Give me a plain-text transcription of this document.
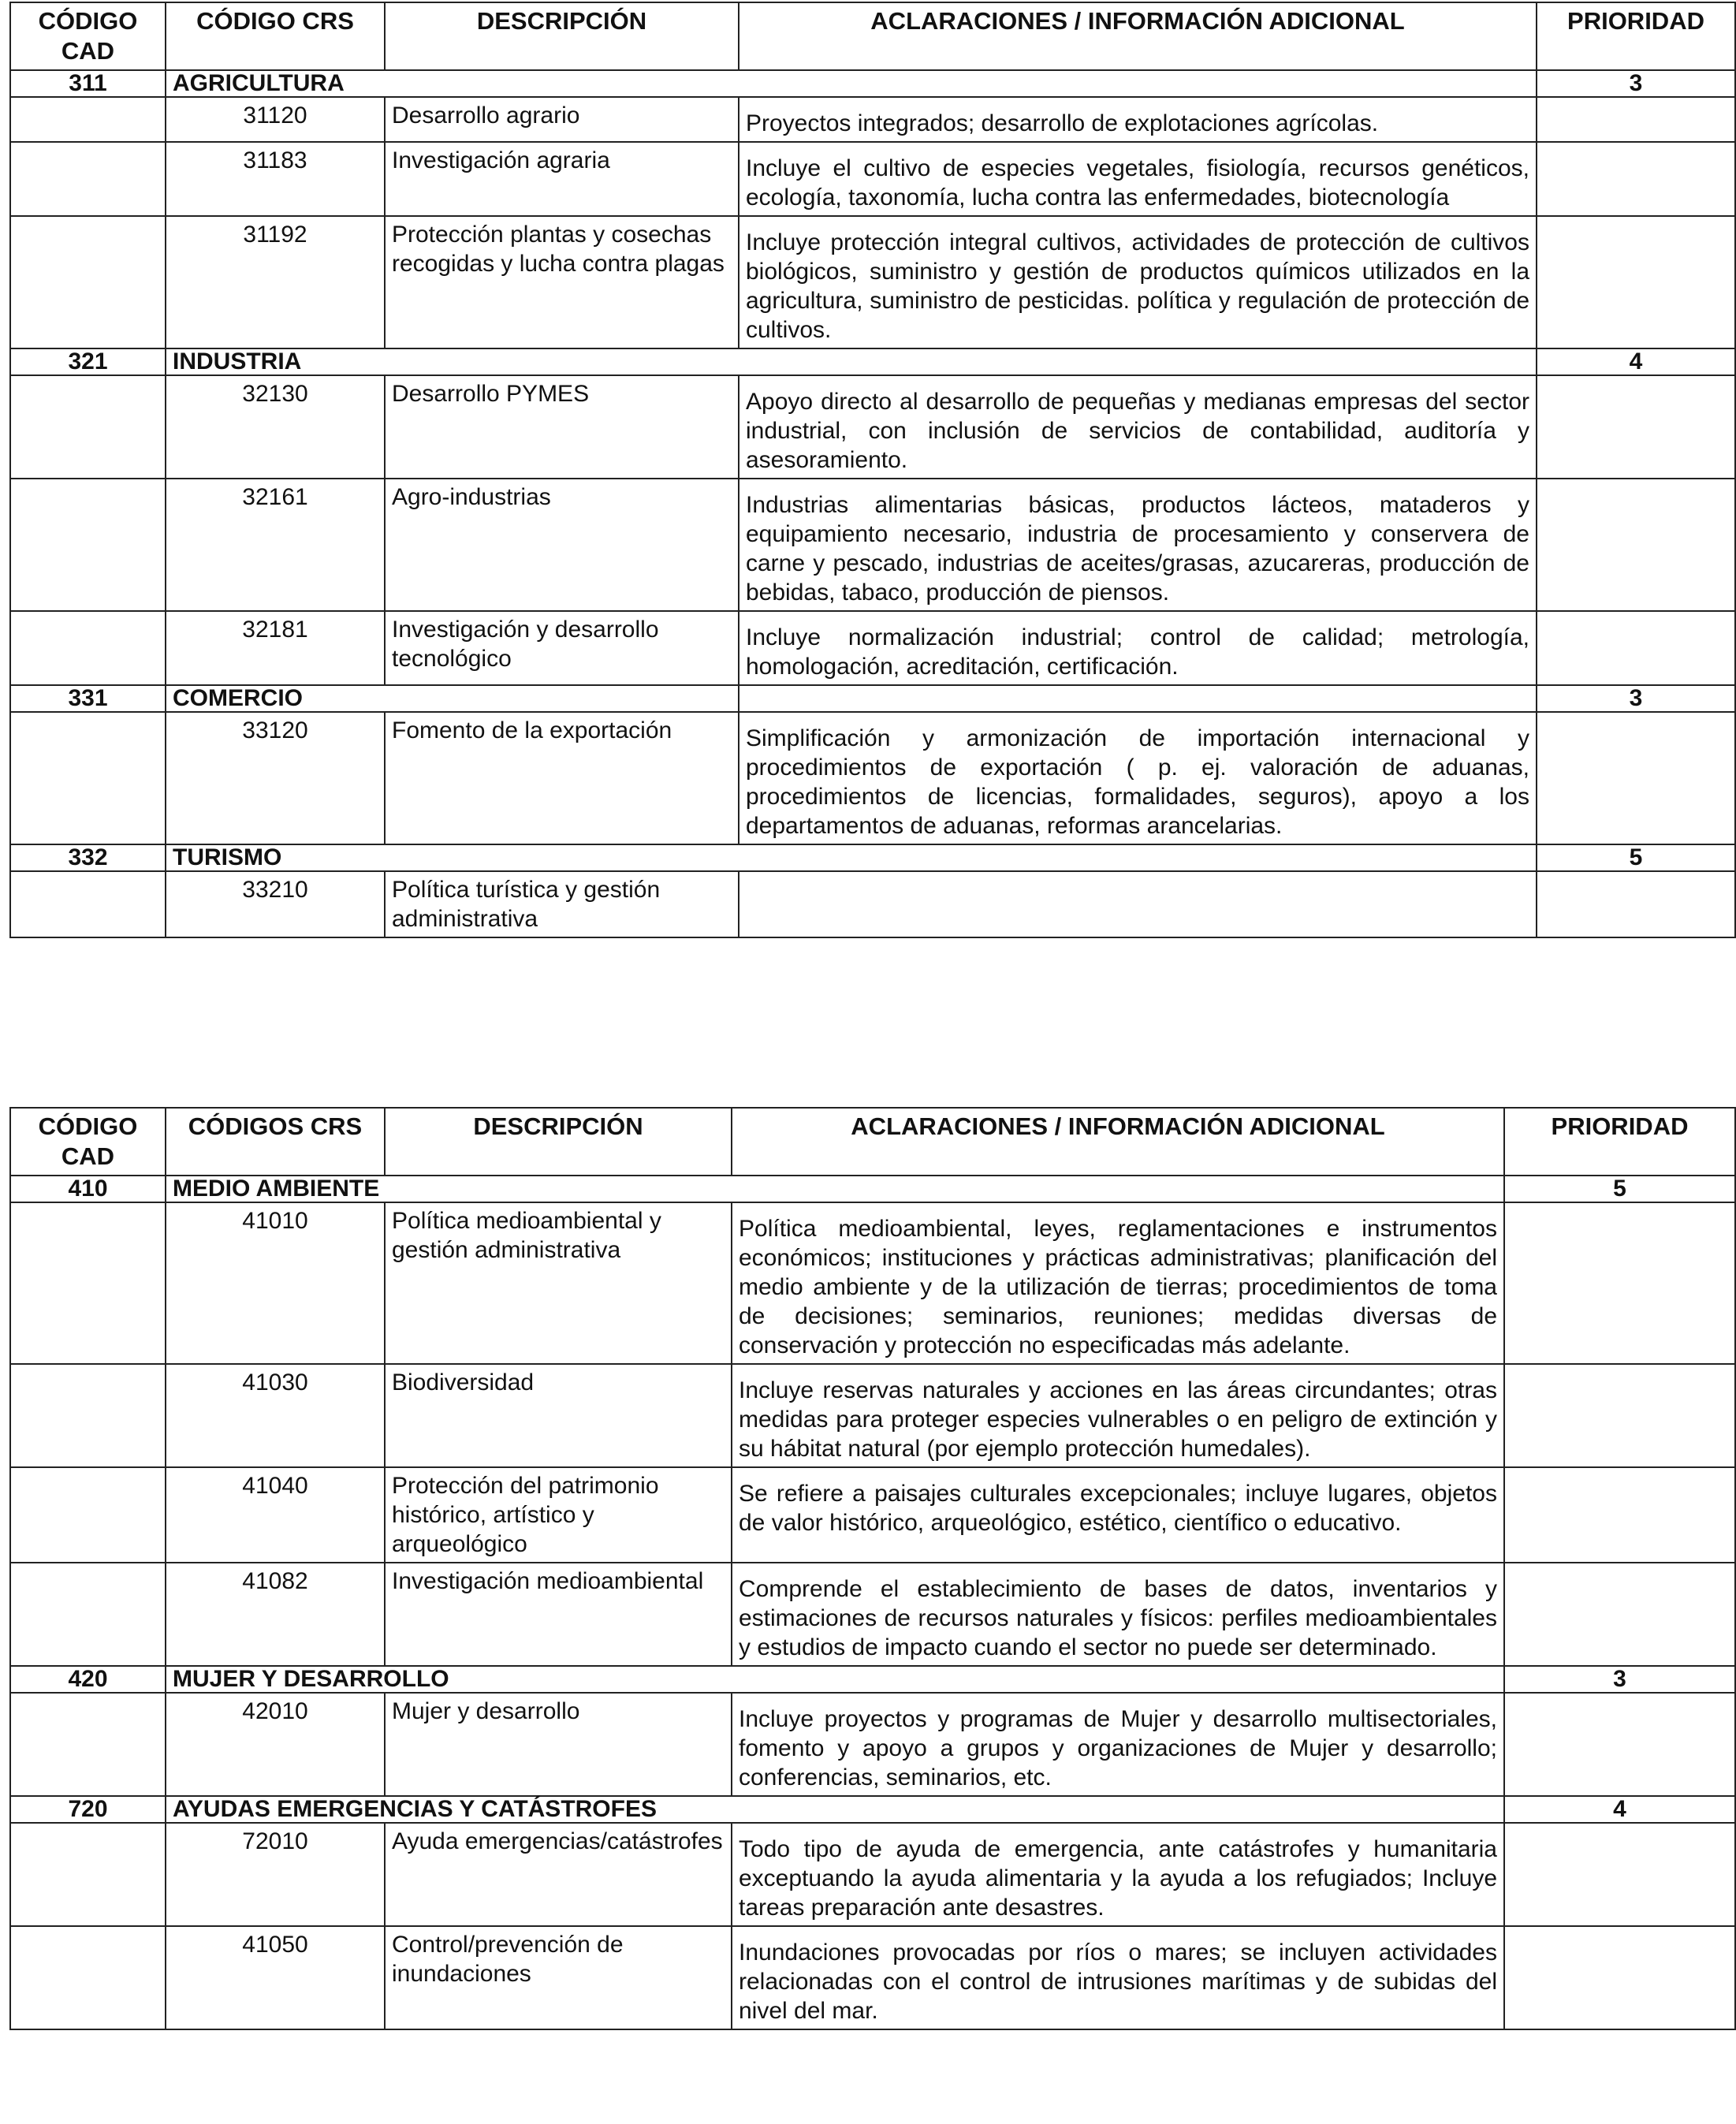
CÓDIGO CAD	CÓDIGO CRS	DESCRIPCIÓN	ACLARACIONES / INFORMACIÓN ADICIONAL	PRIORIDAD
311	AGRICULTURA			3
	31120	Desarrollo agrario	Proyectos integrados; desarrollo de explotaciones agrícolas.	
	31183	Investigación agraria	Incluye el cultivo de especies vegetales, fisiología, recursos genéticos, ecología, taxonomía, lucha contra las enfermedades, biotecnología	
	31192	Protección plantas y cosechas recogidas y lucha contra plagas	Incluye protección integral cultivos, actividades de protección de cultivos biológicos, suministro y gestión de productos químicos utilizados en la agricultura, suministro de pesticidas. política y regulación de protección de cultivos.	
321	INDUSTRIA			4
	32130	Desarrollo PYMES	Apoyo directo al desarrollo de pequeñas y medianas empresas del sector industrial, con inclusión de servicios de contabilidad, auditoría y asesoramiento.	
	32161	Agro-industrias	Industrias alimentarias básicas, productos lácteos, mataderos y equipamiento necesario, industria de procesamiento y conservera de carne y pescado, industrias de aceites/grasas, azucareras, producción de bebidas, tabaco, producción de piensos.	
	32181	Investigación y desarrollo tecnológico	Incluye normalización industrial; control de calidad; metrología, homologación, acreditación, certificación.	
331	COMERCIO			3
	33120	Fomento de la exportación	Simplificación y armonización de importación internacional y procedimientos de exportación ( p. ej. valoración de aduanas, procedimientos de licencias, formalidades, seguros), apoyo a los departamentos de aduanas, reformas arancelarias.	
332	TURISMO			5
	33210	Política turística y gestión administrativa		
CÓDIGO CAD	CÓDIGOS CRS	DESCRIPCIÓN	ACLARACIONES / INFORMACIÓN ADICIONAL	PRIORIDAD
410	MEDIO AMBIENTE			5
	41010	Política medioambiental y gestión administrativa	Política medioambiental, leyes, reglamentaciones e instrumentos económicos; instituciones y prácticas administrativas; planificación del medio ambiente y de la utilización de tierras; procedimientos de toma de decisiones; seminarios, reuniones; medidas diversas de conservación y protección no especificadas más adelante.	
	41030	Biodiversidad	Incluye reservas naturales y acciones en las áreas circundantes; otras medidas para proteger especies vulnerables o en peligro de extinción y su hábitat natural (por ejemplo protección humedales).	
	41040	Protección del patrimonio histórico, artístico y arqueológico	Se refiere a paisajes culturales excepcionales; incluye lugares, objetos de valor histórico, arqueológico, estético, científico o educativo.	
	41082	Investigación medioambiental	Comprende el establecimiento de bases de datos, inventarios y estimaciones de recursos naturales y físicos: perfiles medioambientales y estudios de impacto cuando el sector no puede ser determinado.	
420	MUJER Y DESARROLLO			3
	42010	Mujer y desarrollo	Incluye proyectos y programas de Mujer y desarrollo multisectoriales, fomento y apoyo a grupos y organizaciones de Mujer y desarrollo; conferencias, seminarios, etc.	
720	AYUDAS EMERGENCIAS Y CATÁSTROFES			4
	72010	Ayuda emergencias/catástrofes	Todo tipo de ayuda de emergencia, ante catástrofes y humanitaria exceptuando la ayuda alimentaria y la ayuda a los refugiados; Incluye tareas preparación ante desastres.	
	41050	Control/prevención de inundaciones	Inundaciones provocadas por ríos o mares; se incluyen actividades relacionadas con el control de intrusiones marítimas y de subidas del nivel del mar.	
